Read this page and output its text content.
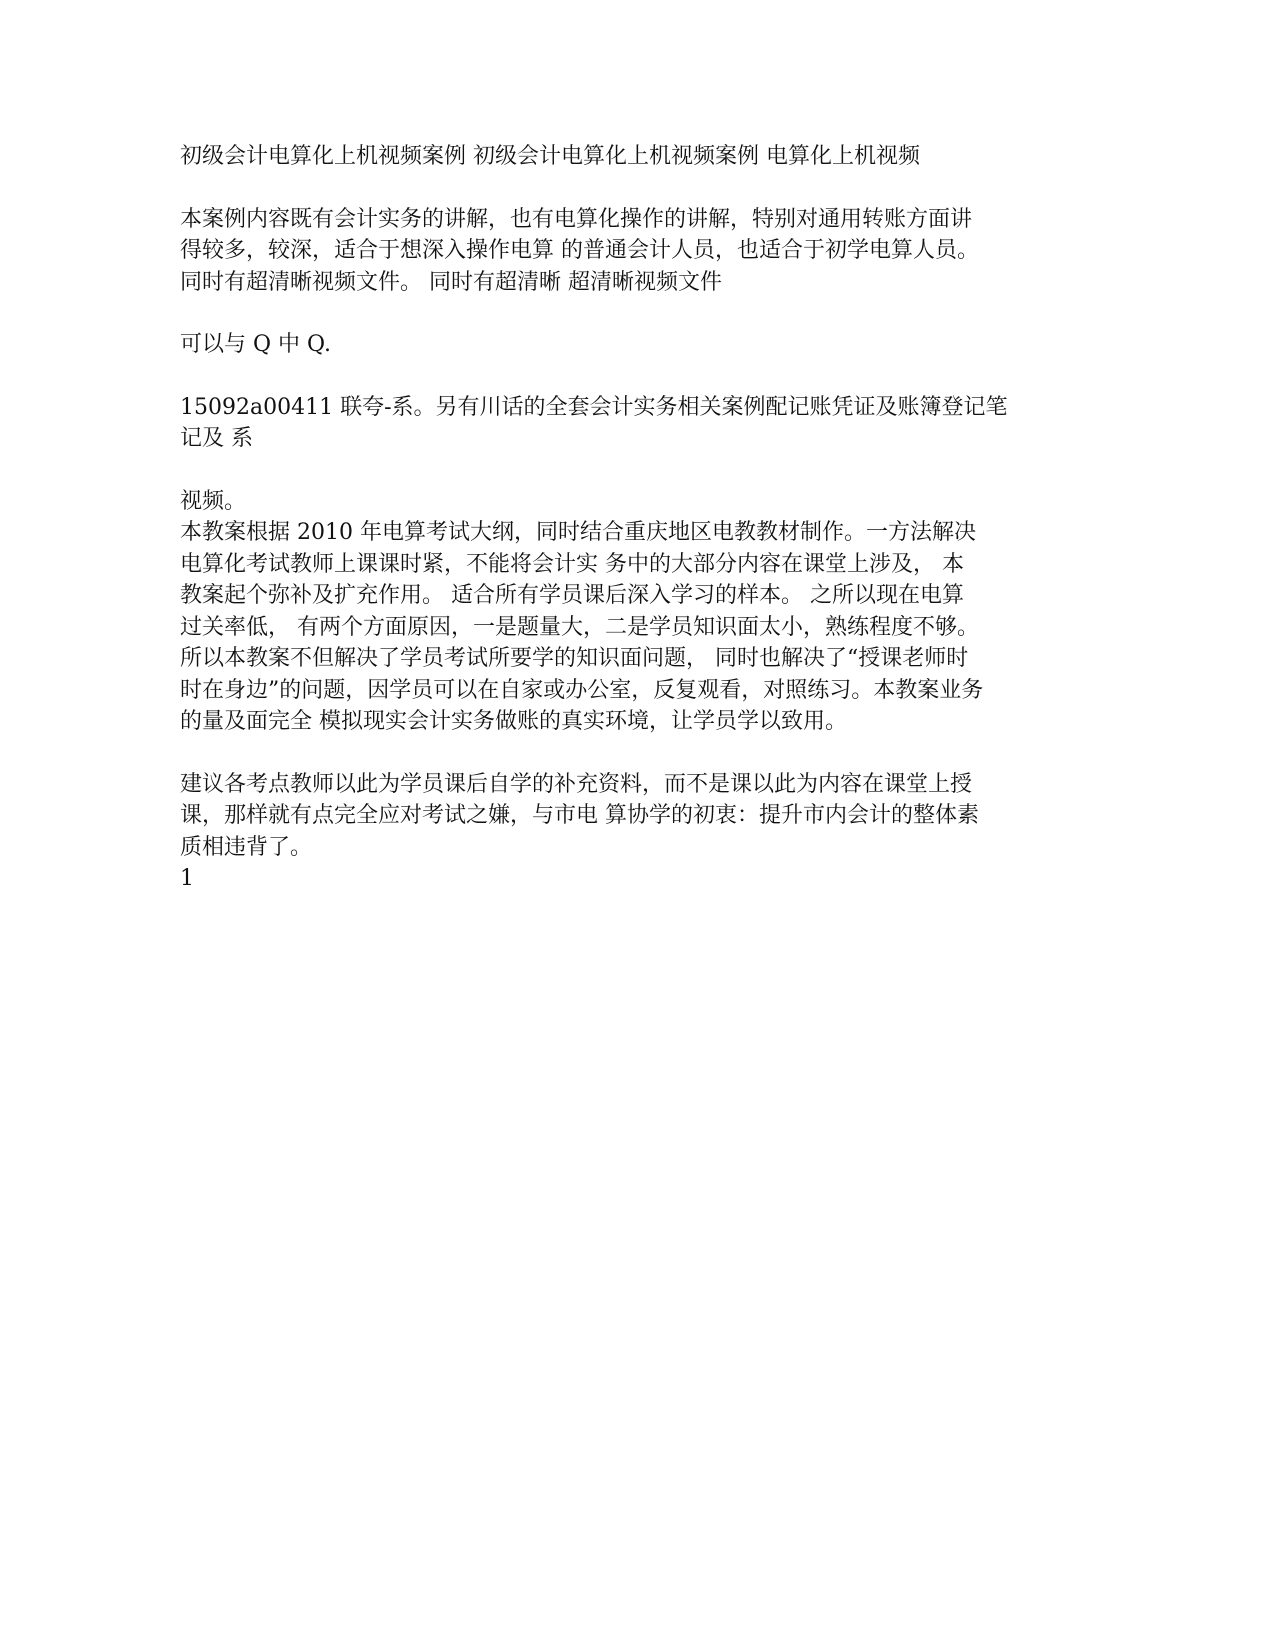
初级会计电算化上机视频案例 初级会计电算化上机视频案例 电算化上机视频

本案例内容既有会计实务的讲解，也有电算化操作的讲解，特别对通用转账方面讲

得较多，较深，适合于想深入操作电算 的普通会计人员，也适合于初学电算人员。

同时有超清晰视频文件。 同时有超清晰 超清晰视频文件

可以与 Q 中 Q.

15092a00411 联夸-系。另有川话的全套会计实务相关案例配记账凭证及账簿登记笔

记及 系

视频。

本教案根据 2010 年电算考试大纲，同时结合重庆地区电教教材制作。一方法解决

电算化考试教师上课课时紧，不能将会计实 务中的大部分内容在课堂上涉及， 本

教案起个弥补及扩充作用。 适合所有学员课后深入学习的样本。 之所以现在电算

过关率低， 有两个方面原因，一是题量大，二是学员知识面太小，熟练程度不够。

所以本教案不但解决了学员考试所要学的知识面问题， 同时也解决了“授课老师时

时在身边”的问题，因学员可以在自家或办公室，反复观看，对照练习。本教案业务

的量及面完全 模拟现实会计实务做账的真实环境，让学员学以致用。

建议各考点教师以此为学员课后自学的补充资料，而不是课以此为内容在课堂上授

课，那样就有点完全应对考试之嫌，与市电 算协学的初衷：提升市内会计的整体素

质相违背了。

1
